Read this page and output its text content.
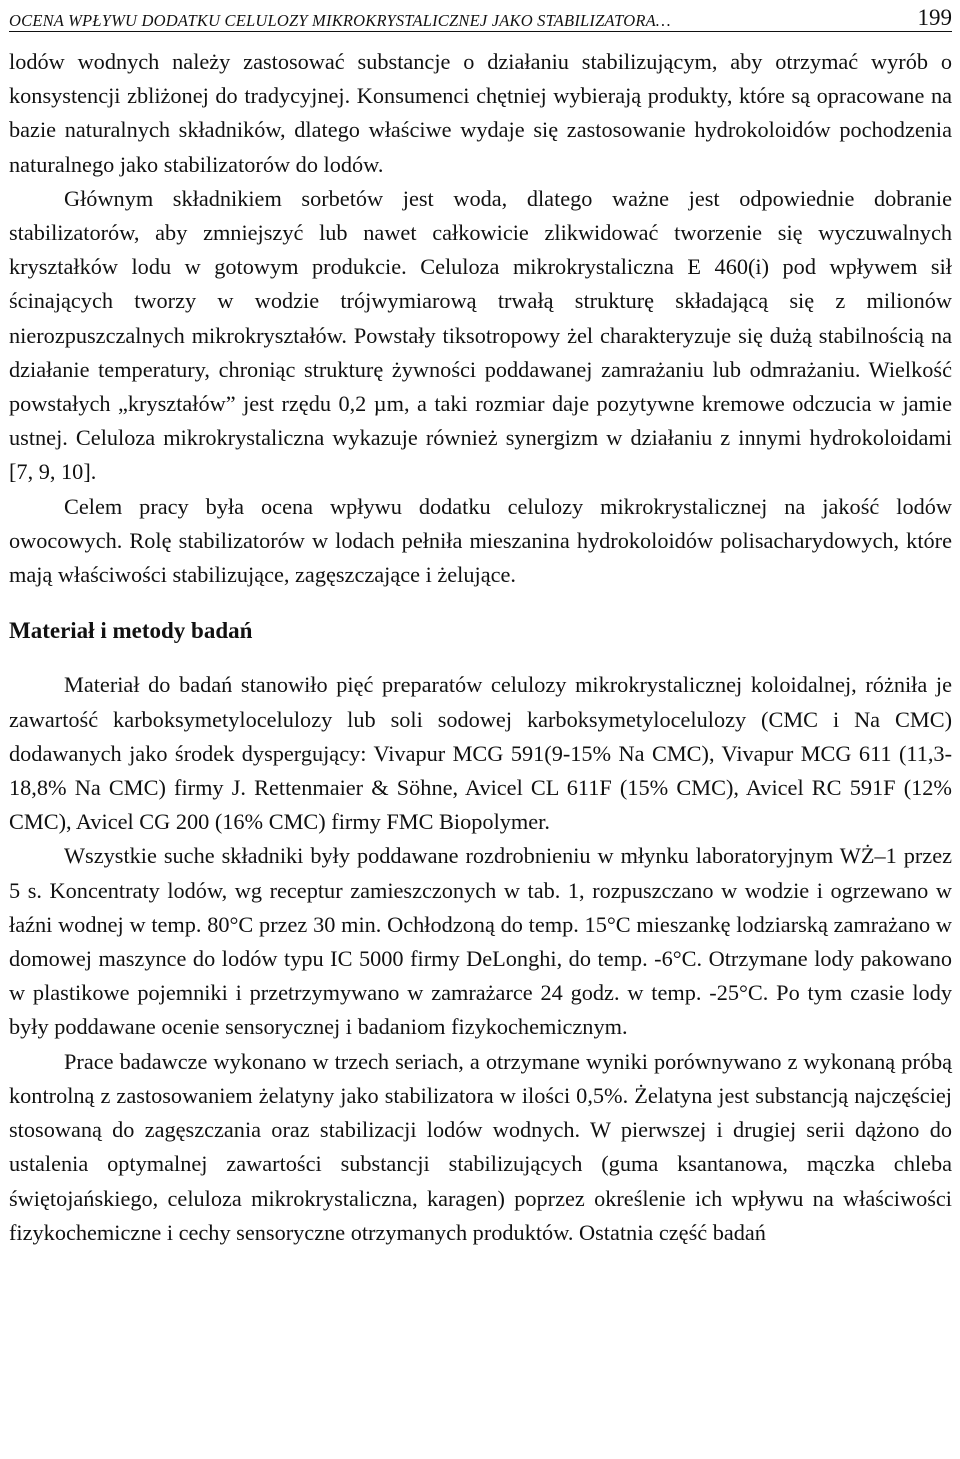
OCENA WPŁYWU DODATKU CELULOZY MIKROKRYSTALICZNEJ JAKO STABILIZATORA…	199

lodów wodnych należy zastosować substancje o działaniu stabilizującym, aby otrzymać wyrób o konsystencji zbliżonej do tradycyjnej. Konsumenci chętniej wybierają produkty, które są opracowane na bazie naturalnych składników, dlatego właściwe wydaje się zastosowanie hydrokoloidów pochodzenia naturalnego jako stabilizatorów do lodów.

Głównym składnikiem sorbetów jest woda, dlatego ważne jest odpowiednie dobranie stabilizatorów, aby zmniejszyć lub nawet całkowicie zlikwidować tworzenie się wyczuwalnych kryształków lodu w gotowym produkcie. Celuloza mikrokrystaliczna E 460(i) pod wpływem sił ścinających tworzy w wodzie trójwymiarową trwałą strukturę składającą się z milionów nierozpuszczalnych mikrokryształów. Powstały tiksotropowy żel charakteryzuje się dużą stabilnością na działanie temperatury, chroniąc strukturę żywności poddawanej zamrażaniu lub odmrażaniu. Wielkość powstałych „kryształów” jest rzędu 0,2 µm, a taki rozmiar daje pozytywne kremowe odczucia w jamie ustnej. Celuloza mikrokrystaliczna wykazuje również synergizm w działaniu z innymi hydrokoloidami [7, 9, 10].

Celem pracy była ocena wpływu dodatku celulozy mikrokrystalicznej na jakość lodów owocowych. Rolę stabilizatorów w lodach pełniła mieszanina hydrokoloidów polisacharydowych, które mają właściwości stabilizujące, zagęszczające i żelujące.

Materiał i metody badań

Materiał do badań stanowiło pięć preparatów celulozy mikrokrystalicznej koloidalnej, różniła je zawartość karboksymetylocelulozy lub soli sodowej karboksymetylocelulozy (CMC i Na CMC) dodawanych jako środek dyspergujący: Vivapur MCG 591(9-15% Na CMC), Vivapur MCG 611 (11,3-18,8% Na CMC) firmy J. Rettenmaier & Söhne, Avicel CL 611F (15% CMC), Avicel RC 591F (12% CMC), Avicel CG 200 (16% CMC) firmy FMC Biopolymer.

Wszystkie suche składniki były poddawane rozdrobnieniu w młynku laboratoryjnym WŻ–1 przez 5 s. Koncentraty lodów, wg receptur zamieszczonych w tab. 1, rozpuszczano w wodzie i ogrzewano w łaźni wodnej w temp. 80°C przez 30 min. Ochłodzoną do temp. 15°C mieszankę lodziarską zamrażano w domowej maszynce do lodów typu IC 5000 firmy DeLonghi, do temp. -6°C. Otrzymane lody pakowano w plastikowe pojemniki i przetrzymywano w zamrażarce 24 godz. w temp. -25°C. Po tym czasie lody były poddawane ocenie sensorycznej i badaniom fizykochemicznym.

Prace badawcze wykonano w trzech seriach, a otrzymane wyniki porównywano z wykonaną próbą kontrolną z zastosowaniem żelatyny jako stabilizatora w ilości 0,5%. Żelatyna jest substancją najczęściej stosowaną do zagęszczania oraz stabilizacji lodów wodnych. W pierwszej i drugiej serii dążono do ustalenia optymalnej zawartości substancji stabilizujących (guma ksantanowa, mączka chleba świętojańskiego, celuloza mikrokrystaliczna, karagen) poprzez określenie ich wpływu na właściwości fizykochemiczne i cechy sensoryczne otrzymanych produktów. Ostatnia część badań
